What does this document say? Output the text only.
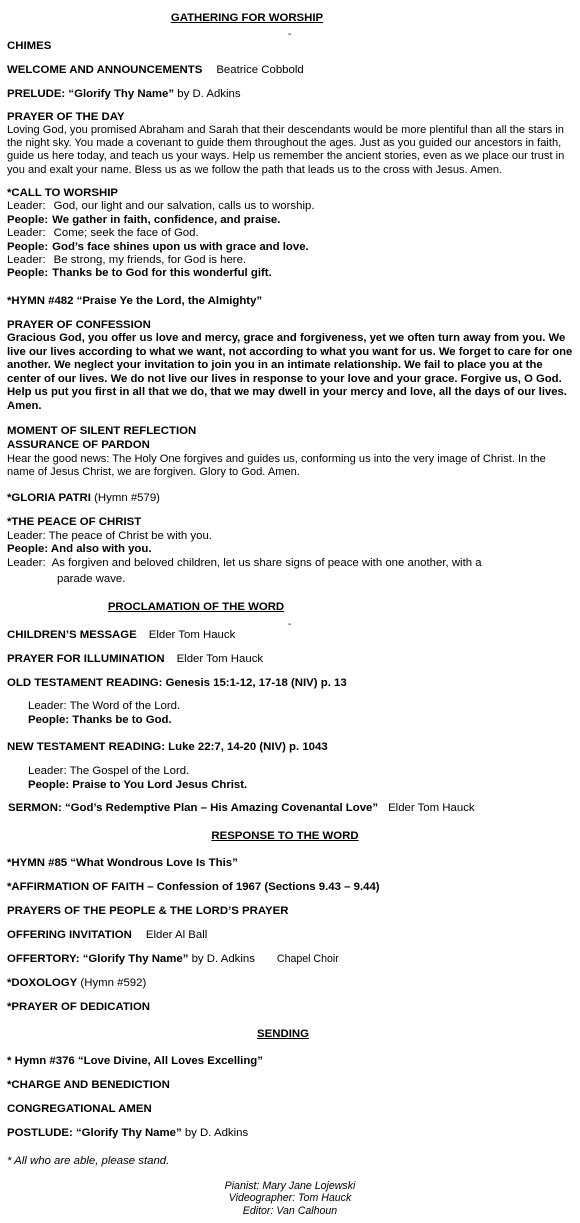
GATHERING FOR WORSHIP
-
CHIMES
WELCOME AND ANNOUNCEMENTS Beatrice Cobbold
PRELUDE: “Glorify Thy Name” by D. Adkins
PRAYER OF THE DAY
Loving God, you promised Abraham and Sarah that their descendants would be more plentiful than all the stars in the night sky. You made a covenant to guide them throughout the ages. Just as you guided our ancestors in faith, guide us here today, and teach us your ways. Help us remember the ancient stories, even as we place our trust in you and exalt your name. Bless us as we follow the path that leads us to the cross with Jesus. Amen.
*CALL TO WORSHIP
Leader: God, our light and our salvation, calls us to worship.
People: We gather in faith, confidence, and praise.
Leader: Come; seek the face of God.
People: God’s face shines upon us with grace and love.
Leader: Be strong, my friends, for God is here.
People: Thanks be to God for this wonderful gift.
*HYMN #482 “Praise Ye the Lord, the Almighty”
PRAYER OF CONFESSION
Gracious God, you offer us love and mercy, grace and forgiveness, yet we often turn away from you. We live our lives according to what we want, not according to what you want for us. We forget to care for one another. We neglect your invitation to join you in an intimate relationship. We fail to place you at the center of our lives. We do not live our lives in response to your love and your grace. Forgive us, O God. Help us put you first in all that we do, that we may dwell in your mercy and love, all the days of our lives. Amen.
MOMENT OF SILENT REFLECTION
ASSURANCE OF PARDON
Hear the good news: The Holy One forgives and guides us, conforming us into the very image of Christ. In the name of Jesus Christ, we are forgiven. Glory to God. Amen.
*GLORIA PATRI (Hymn #579)
*THE PEACE OF CHRIST
Leader: The peace of Christ be with you.
People: And also with you.
Leader: As forgiven and beloved children, let us share signs of peace with one another, with a
parade wave.
PROCLAMATION OF THE WORD
-
CHILDREN’S MESSAGE Elder Tom Hauck
PRAYER FOR ILLUMINATION Elder Tom Hauck
OLD TESTAMENT READING: Genesis 15:1-12, 17-18 (NIV) p. 13
Leader: The Word of the Lord.
People: Thanks be to God.
NEW TESTAMENT READING: Luke 22:7, 14-20 (NIV) p. 1043
Leader: The Gospel of the Lord.
People: Praise to You Lord Jesus Christ.
SERMON: “God’s Redemptive Plan – His Amazing Covenantal Love” Elder Tom Hauck
RESPONSE TO THE WORD
*HYMN #85 “What Wondrous Love Is This”
*AFFIRMATION OF FAITH – Confession of 1967 (Sections 9.43 – 9.44)
PRAYERS OF THE PEOPLE & THE LORD’S PRAYER
OFFERING INVITATION Elder Al Ball
OFFERTORY: “Glorify Thy Name” by D. Adkins Chapel Choir
*DOXOLOGY (Hymn #592)
*PRAYER OF DEDICATION
SENDING
* Hymn #376 “Love Divine, All Loves Excelling”
*CHARGE AND BENEDICTION
CONGREGATIONAL AMEN
POSTLUDE: “Glorify Thy Name” by D. Adkins
* All who are able, please stand.
Pianist: Mary Jane Lojewski
Videographer: Tom Hauck
Editor: Van Calhoun
